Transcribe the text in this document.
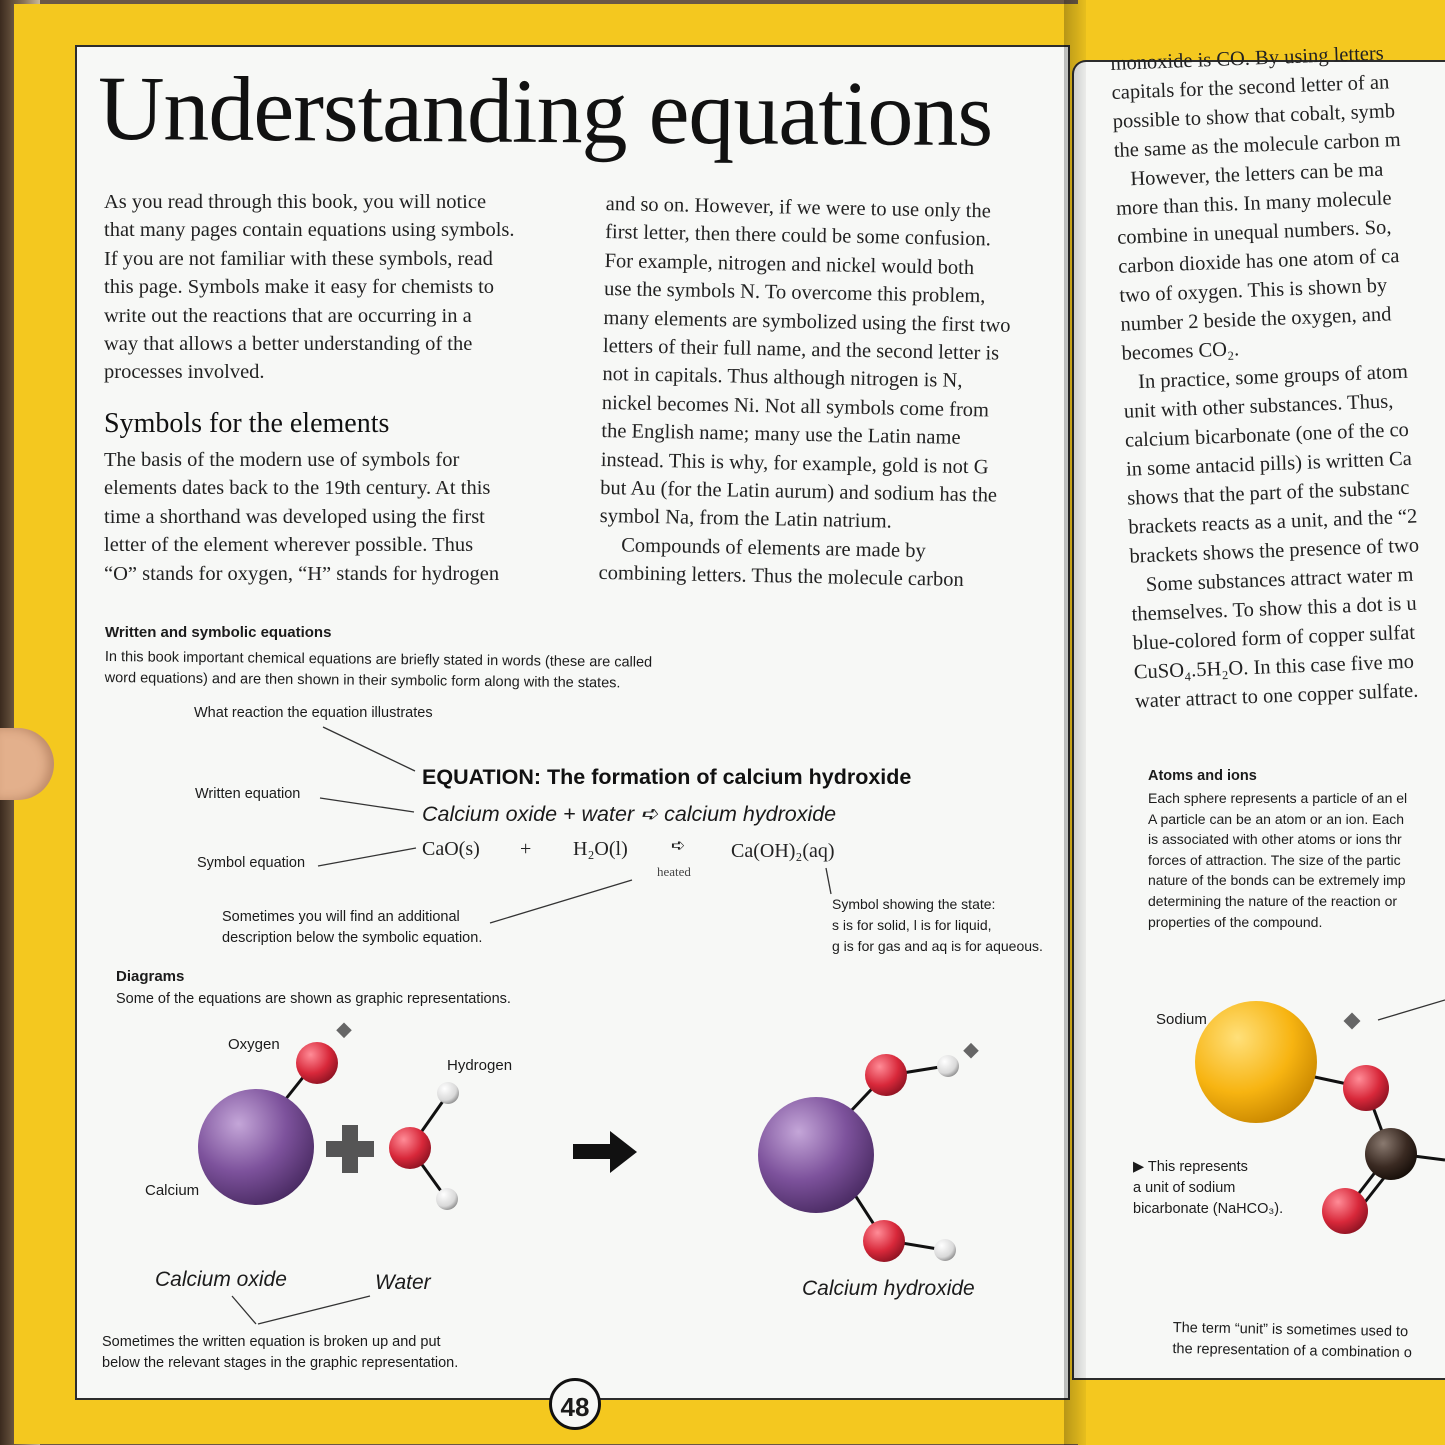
Understanding equations

As you read through this book, you will notice

that many pages contain equations using symbols.

If you are not familiar with these symbols, read

this page. Symbols make it easy for chemists to

write out the reactions that are occurring in a

way that allows a better understanding of the

processes involved.

Symbols for the elements
The basis of the modern use of symbols for
elements dates back to the 19th century. At this
time a shorthand was developed using the first
letter of the element wherever possible. Thus
“O” stands for oxygen, “H” stands for hydrogen

and so on. However, if we were to use only the

first letter, then there could be some confusion.

For example, nitrogen and nickel would both

use the symbols N. To overcome this problem,

many elements are symbolized using the first two

letters of their full name, and the second letter is

not in capitals. Thus although nitrogen is N,

nickel becomes Ni. Not all symbols come from

the English name; many use the Latin name

instead. This is why, for example, gold is not G

but Au (for the Latin aurum) and sodium has the

symbol Na, from the Latin natrium.

Compounds of elements are made by

combining letters. Thus the molecule carbon

Written and symbolic equations
In this book important chemical equations are briefly stated in words (these are called
word equations) and are then shown in their symbolic form along with the states.
What reaction the equation illustrates
Written equation
Symbol equation
EQUATION: The formation of calcium hydroxide
Calcium oxide + water ➪ calcium hydroxide
CaO(s) + H₂O(l)	➪ Ca(OH)₂(aq)
heated
Sometimes you will find an additional
description below the symbolic equation.
Symbol showing the state:
s is for solid, l is for liquid,
g is for gas and aq is for aqueous.
Diagrams
Some of the equations are shown as graphic representations.
Oxygen
Hydrogen
Calcium
Calcium oxide	Water	Calcium hydroxide
Sometimes the written equation is broken up and put
below the relevant stages in the graphic representation.
48
monoxide is CO. By using letters
capitals for the second letter of an
possible to show that cobalt, symb
the same as the molecule carbon m
However, the letters can be ma
more than this. In many molecule
combine in unequal numbers. So,
carbon dioxide has one atom of ca
two of oxygen. This is shown by
number 2 beside the oxygen, and
becomes CO₂.
In practice, some groups of atom
unit with other substances. Thus,
calcium bicarbonate (one of the co
in some antacid pills) is written Ca
shows that the part of the substanc
brackets reacts as a unit, and the “2
brackets shows the presence of two
Some substances attract water m
themselves. To show this a dot is u
blue-colored form of copper sulfat
CuSO₄.5H₂O. In this case five mo
water attract to one copper sulfate.
Atoms and ions
Each sphere represents a particle of an el
A particle can be an atom or an ion. Each
is associated with other atoms or ions thr
forces of attraction. The size of the partic
nature of the bonds can be extremely imp
determining the nature of the reaction or
properties of the compound.
Sodium
▶ This represents
a unit of sodium
bicarbonate (NaHCO₃).
The term “unit” is sometimes used to
the representation of a combination o
